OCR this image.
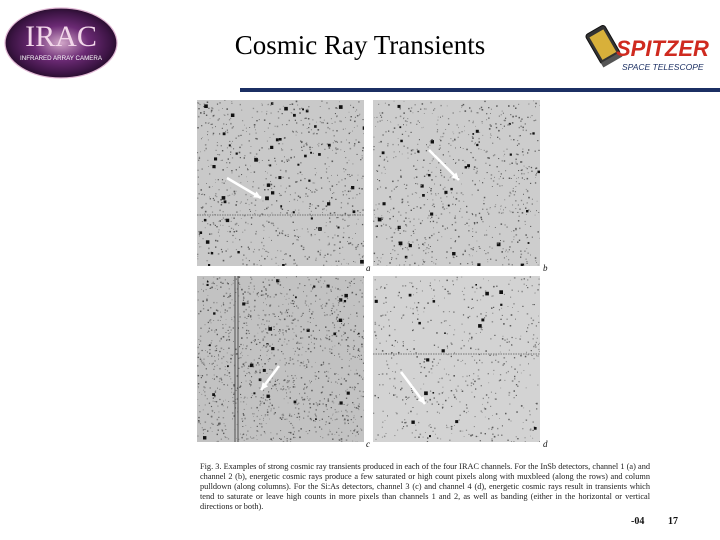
IRAC
INFRARED ARRAY CAMERA	Cosmic Ray Transients	SPITZER
SPACE TELESCOPE
a	b
c	d
Fig. 3. Examples of strong cosmic ray transients produced in each of the four IRAC channels. For the InSb detectors, channel 1 (a) and channel 2 (b), energetic cosmic rays produce a few saturated or high count pixels along with muxbleed (along the rows) and column pulldown (along columns). For the Si:As detectors, channel 3 (c) and channel 4 (d), energetic cosmic rays result in transients which tend to saturate or leave high counts in more pixels than channels 1 and 2, as well as banding (either in the horizontal or vertical directions or both).
-04 17
